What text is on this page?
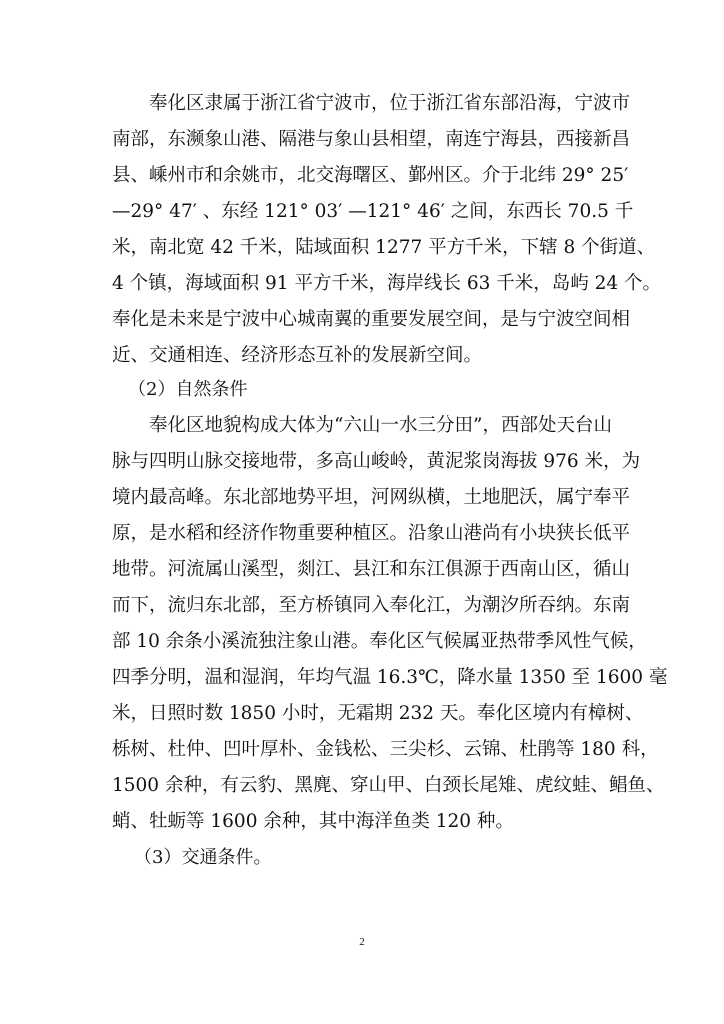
　　奉化区隶属于浙江省宁波市，位于浙江省东部沿海，宁波市
南部，东濒象山港、隔港与象山县相望，南连宁海县，西接新昌
县、嵊州市和余姚市，北交海曙区、鄞州区。介于北纬 29° 25′
—29° 47′ 、东经 121° 03′ —121° 46′ 之间，东西长 70.5 千
米，南北宽 42 千米，陆域面积 1277 平方千米，下辖 8 个街道、
4 个镇，海域面积 91 平方千米，海岸线长 63 千米，岛屿 24 个。
奉化是未来是宁波中心城南翼的重要发展空间，是与宁波空间相
近、交通相连、经济形态互补的发展新空间。
（2）自然条件
　　奉化区地貌构成大体为“六山一水三分田”，西部处天台山
脉与四明山脉交接地带，多高山峻岭，黄泥浆岗海拔 976 米，为
境内最高峰。东北部地势平坦，河网纵横，土地肥沃，属宁奉平
原，是水稻和经济作物重要种植区。沿象山港尚有小块狭长低平
地带。河流属山溪型，剡江、县江和东江俱源于西南山区，循山
而下，流归东北部，至方桥镇同入奉化江，为潮汐所吞纳。东南
部 10 余条小溪流独注象山港。奉化区气候属亚热带季风性气候，
四季分明，温和湿润，年均气温 16.3℃，降水量 1350 至 1600 毫
米，日照时数 1850 小时，无霜期 232 天。奉化区境内有樟树、
栎树、杜仲、凹叶厚朴、金钱松、三尖杉、云锦、杜鹃等 180 科，
1500 余种，有云豹、黑麂、穿山甲、白颈长尾雉、虎纹蛙、鲳鱼、
蛸、牡蛎等 1600 余种，其中海洋鱼类 120 种。
（3）交通条件。
2
